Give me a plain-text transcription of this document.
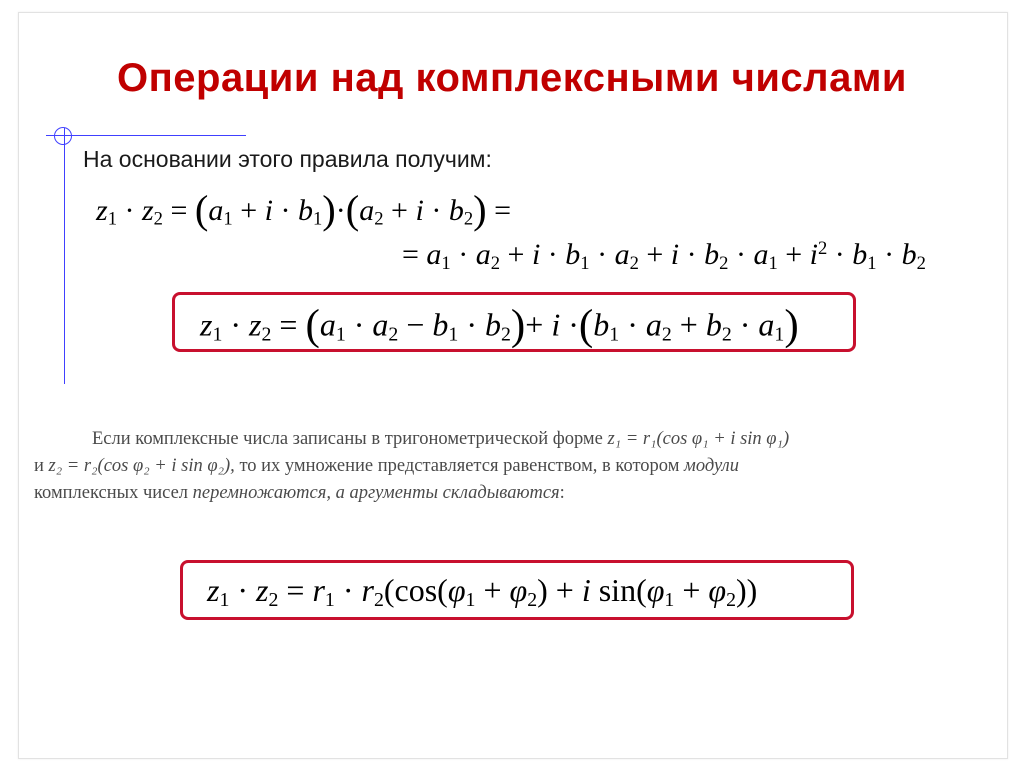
Операции над комплексными числами
На основании этого правила получим:
$z_1 \cdot z_2 = (a_1 + i \cdot b_1)\cdot(a_2 + i \cdot b_2)$ =
= $a_1 \cdot a_2 + i \cdot b_1 \cdot a_2 + i \cdot b_2 \cdot a_1 + i^2 \cdot b_1 \cdot b_2$
$z_1 \cdot z_2 = (a_1 \cdot a_2 - b_1 \cdot b_2)+ i \cdot(b_1 \cdot a_2 + b_2 \cdot a_1)$

Если комплексные числа записаны в тригонометрической форме z₁ = r₁(cos φ₁ + i sin φ₁)

и z₂ = r₂(cos φ₂ + i sin φ₂), то их умножение представляется равенством, в котором модули

комплексных чисел перемножаются, а аргументы складываются:

$z_1 \cdot z_2 = r_1 \cdot r_2(\cos(\varphi_1 + \varphi_2) + i$ $\sin(\varphi_1 + \varphi_2)$)
